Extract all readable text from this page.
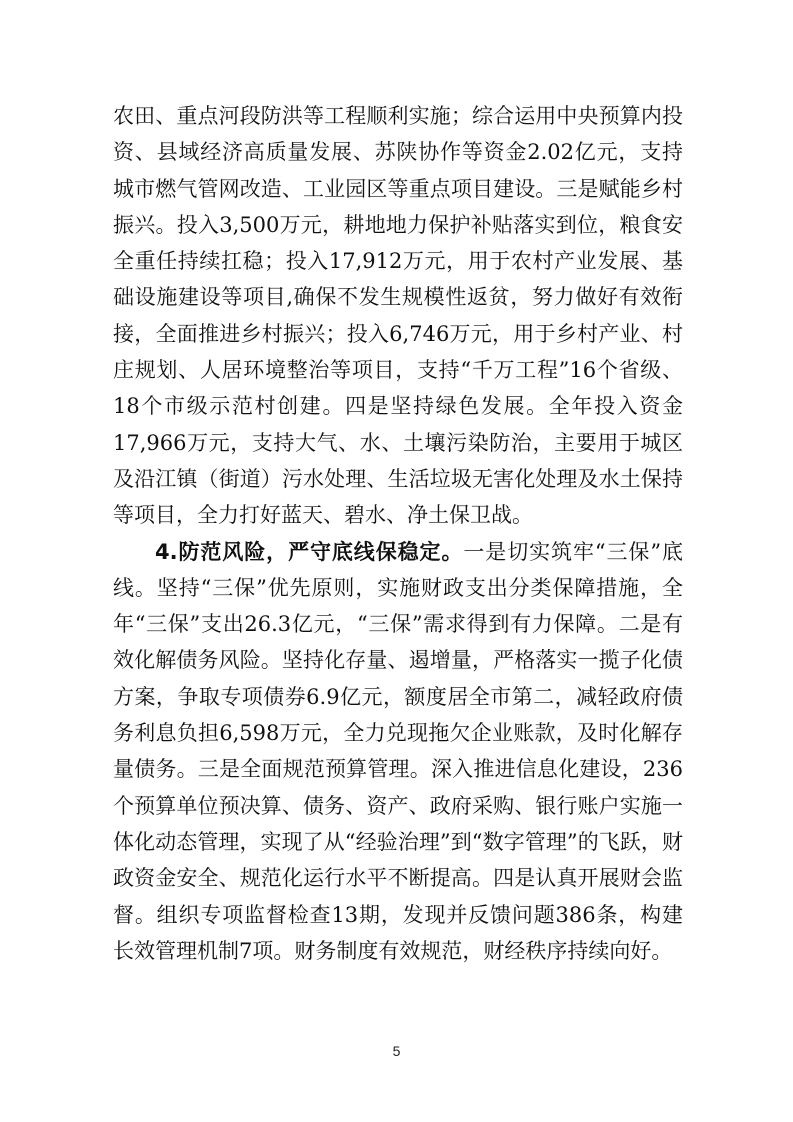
农田、重点河段防洪等工程顺利实施；综合运用中央预算内投资、县域经济高质量发展、苏陕协作等资金2.02亿元，支持城市燃气管网改造、工业园区等重点项目建设。三是赋能乡村振兴。投入3,500万元，耕地地力保护补贴落实到位，粮食安全重任持续扛稳；投入17,912万元，用于农村产业发展、基础设施建设等项目,确保不发生规模性返贫，努力做好有效衔接，全面推进乡村振兴；投入6,746万元，用于乡村产业、村庄规划、人居环境整治等项目，支持“千万工程”16个省级、18个市级示范村创建。四是坚持绿色发展。全年投入资金17,966万元，支持大气、水、土壤污染防治，主要用于城区及沿江镇（街道）污水处理、生活垃圾无害化处理及水土保持等项目，全力打好蓝天、碧水、净土保卫战。

4.防范风险，严守底线保稳定。一是切实筑牢“三保”底线。坚持“三保”优先原则，实施财政支出分类保障措施，全年“三保”支出26.3亿元，“三保”需求得到有力保障。二是有效化解债务风险。坚持化存量、遏增量，严格落实一揽子化债方案，争取专项债券6.9亿元，额度居全市第二，减轻政府债务利息负担6,598万元，全力兑现拖欠企业账款，及时化解存量债务。三是全面规范预算管理。深入推进信息化建设，236个预算单位预决算、债务、资产、政府采购、银行账户实施一体化动态管理，实现了从“经验治理”到“数字管理”的飞跃，财政资金安全、规范化运行水平不断提高。四是认真开展财会监督。组织专项监督检查13期，发现并反馈问题386条，构建长效管理机制7项。财务制度有效规范，财经秩序持续向好。

5
